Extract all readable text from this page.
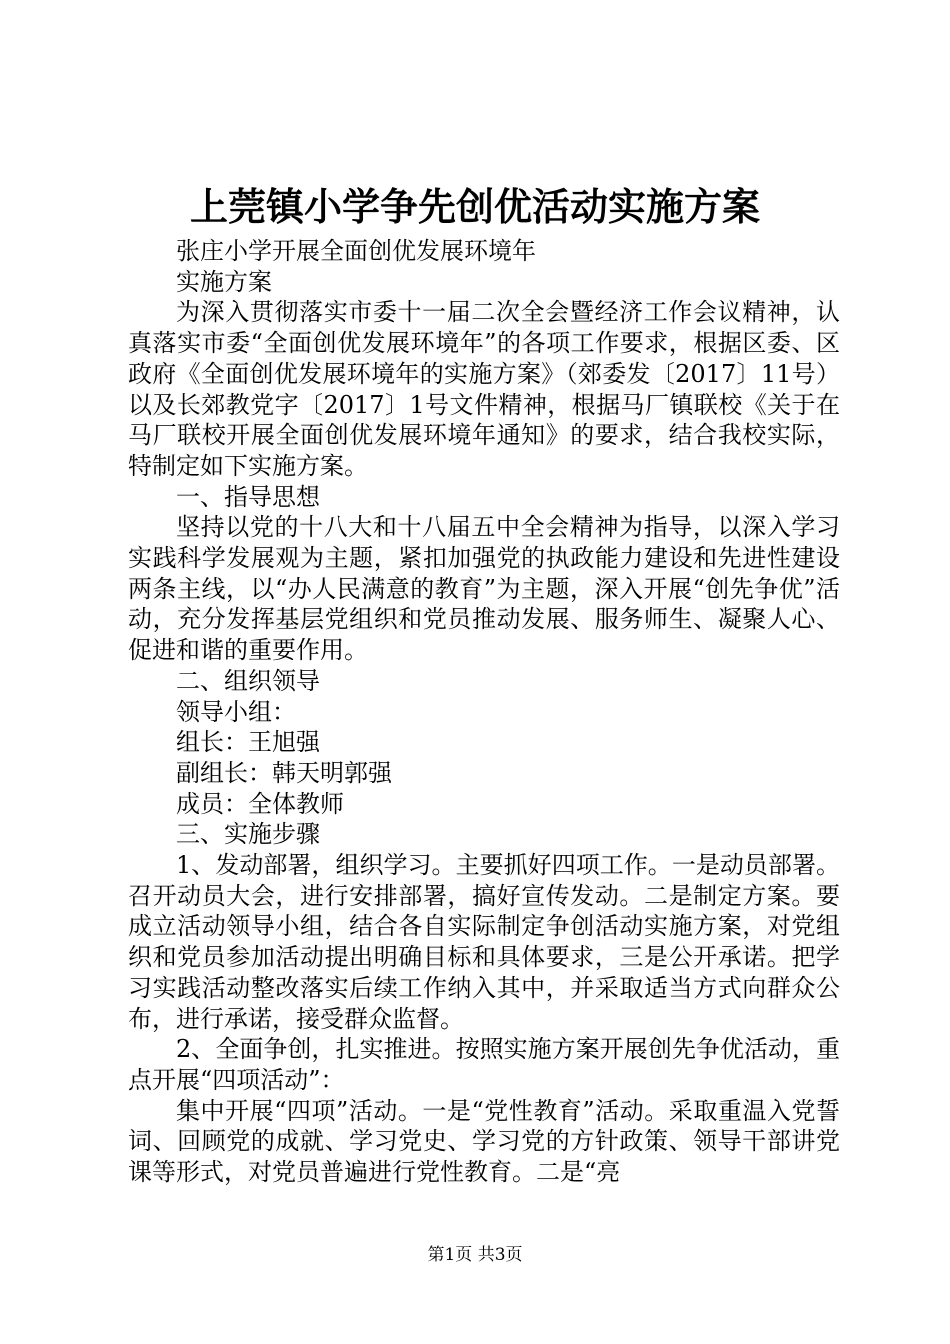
上莞镇小学争先创优活动实施方案

张庄小学开展全面创优发展环境年

实施方案

为深入贯彻落实市委十一届二次全会暨经济工作会议精神，认真落实市委“全面创优发展环境年”的各项工作要求，根据区委、区政府《全面创优发展环境年的实施方案》（郊委发〔2017〕11号）以及长郊教党字〔2017〕1号文件精神，根据马厂镇联校《关于在马厂联校开展全面创优发展环境年通知》的要求，结合我校实际，特制定如下实施方案。

一、指导思想

坚持以党的十八大和十八届五中全会精神为指导，以深入学习实践科学发展观为主题，紧扣加强党的执政能力建设和先进性建设两条主线，以“办人民满意的教育”为主题，深入开展“创先争优”活动，充分发挥基层党组织和党员推动发展、服务师生、凝聚人心、促进和谐的重要作用。

二、组织领导

领导小组：

组长：王旭强

副组长：韩天明郭强

成员：全体教师

三、实施步骤

1、发动部署，组织学习。主要抓好四项工作。一是动员部署。召开动员大会，进行安排部署，搞好宣传发动。二是制定方案。要成立活动领导小组，结合各自实际制定争创活动实施方案，对党组织和党员参加活动提出明确目标和具体要求，三是公开承诺。把学习实践活动整改落实后续工作纳入其中，并采取适当方式向群众公布，进行承诺，接受群众监督。

2、全面争创，扎实推进。按照实施方案开展创先争优活动，重点开展“四项活动”：

集中开展“四项”活动。一是“党性教育”活动。采取重温入党誓词、回顾党的成就、学习党史、学习党的方针政策、领导干部讲党课等形式，对党员普遍进行党性教育。二是“亮

第1页 共3页
